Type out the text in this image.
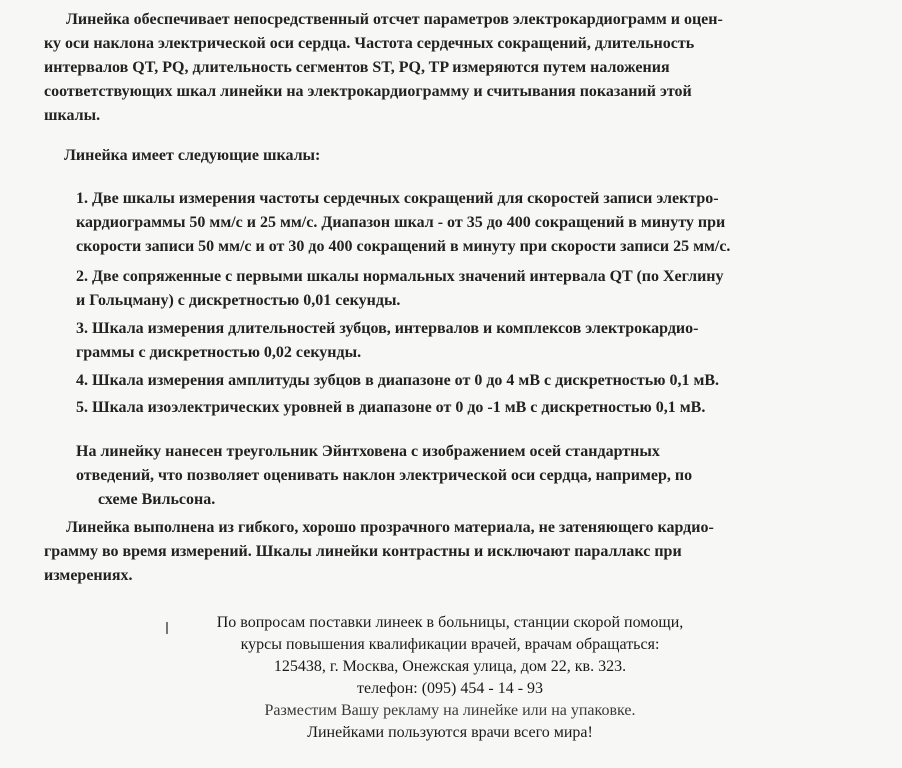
Линейка обеспечивает непосредственный отсчет параметров электрокардиограмм и оцен-
ку оси наклона электрической оси сердца. Частота сердечных сокращений, длительность
интервалов QT, PQ, длительность сегментов ST, PQ, TP измеряются путем наложения
соответствующих шкал линейки на электрокардиограмму и считывания показаний этой
шкалы.
Линейка имеет следующие шкалы:
1. Две шкалы измерения частоты сердечных сокращений для скоростей записи электро-
кардиограммы 50 мм/с и 25 мм/с. Диапазон шкал - от 35 до 400 сокращений в минуту при
скорости записи 50 мм/с и от 30 до 400 сокращений в минуту при скорости записи 25 мм/с.
2. Две сопряженные с первыми шкалы нормальных значений интервала QT (по Хеглину
и Гольцману) с дискретностью 0,01 секунды.
3. Шкала измерения длительностей зубцов, интервалов и комплексов электрокардио-
граммы с дискретностью 0,02 секунды.
4. Шкала измерения амплитуды зубцов в диапазоне от 0 до 4 мВ с дискретностью 0,1 мВ.
5. Шкала изоэлектрических уровней в диапазоне от 0 до -1 мВ с дискретностью 0,1 мВ.
На линейку нанесен треугольник Эйнтховена с изображением осей стандартных
отведений, что позволяет оценивать наклон электрической оси сердца, например, по
схеме Вильсона.
Линейка выполнена из гибкого, хорошо прозрачного материала, не затеняющего кардио-
грамму во время измерений. Шкалы линейки контрастны и исключают параллакс при
измерениях.
По вопросам поставки линеек в больницы, станции скорой помощи,
курсы повышения квалификации врачей, врачам обращаться:
125438, г. Москва, Онежская улица, дом 22, кв. 323.
телефон: (095) 454 - 14 - 93
Разместим Вашу рекламу на линейке или на упаковке.
Линейками пользуются врачи всего мира!
